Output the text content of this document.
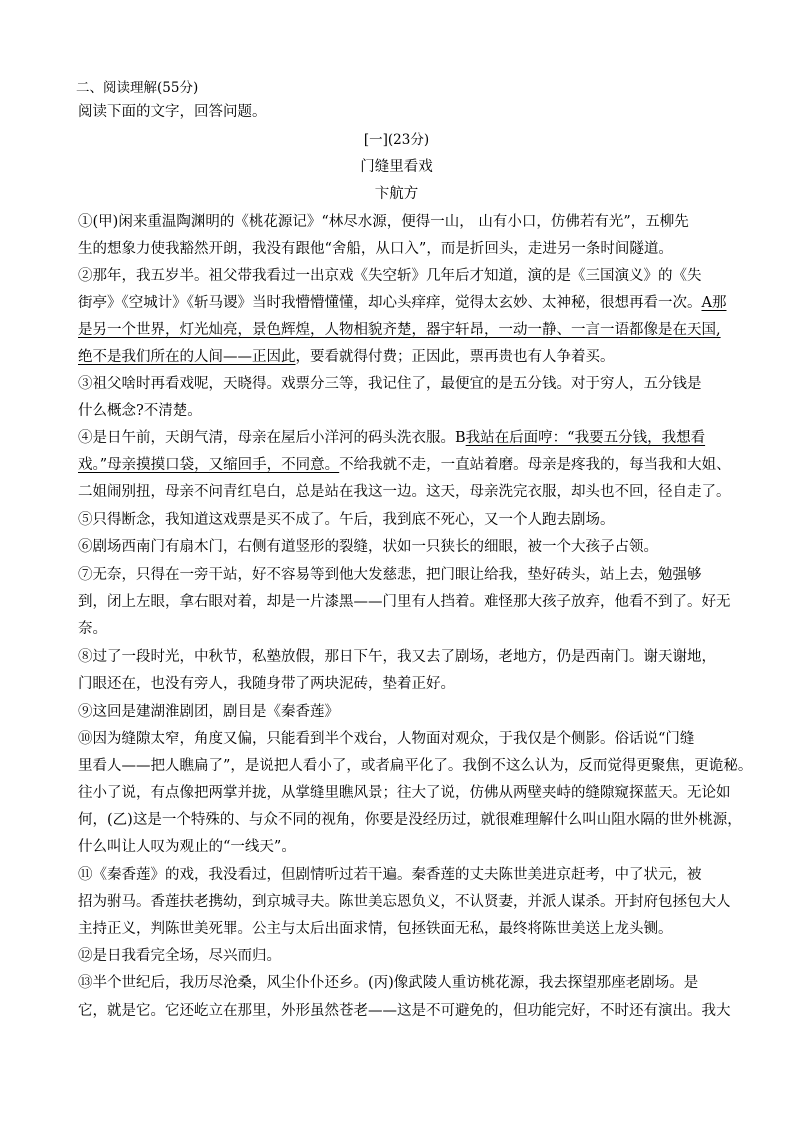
二、阅读理解(55分)
阅读下面的文字，回答问题。
[一](23分)
门缝里看戏
卞航方
①(甲)闲来重温陶渊明的《桃花源记》“林尽水源，便得一山， 山有小口，仿佛若有光”，五柳先
生的想象力使我豁然开朗，我没有跟他“舍船，从口入”，而是折回头，走进另一条时间隧道。
②那年，我五岁半。祖父带我看过一出京戏《失空斩》几年后才知道，演的是《三国演义》的《失
街亭》《空城计》《斩马谡》当时我懵懵懂懂，却心头痒痒，觉得太玄妙、太神秘，很想再看一次。A那
是另一个世界，灯光灿亮，景色辉煌，人物相貌齐楚，器宇轩昂，一动一静、一言一语都像是在天国,
绝不是我们所在的人间——正因此，要看就得付费；正因此，票再贵也有人争着买。
③祖父啥时再看戏呢，天晓得。戏票分三等，我记住了，最便宜的是五分钱。对于穷人，五分钱是
什么概念?不清楚。
④是日午前，天朗气清，母亲在屋后小洋河的码头洗衣服。B我站在后面哼：“我要五分钱，我想看
戏。”母亲摸摸口袋，又缩回手，不同意。不给我就不走，一直站着磨。母亲是疼我的，每当我和大姐、
二姐闹别扭，母亲不问青红皂白，总是站在我这一边。这天，母亲洗完衣服，却头也不回，径自走了。
⑤只得断念，我知道这戏票是买不成了。午后，我到底不死心，又一个人跑去剧场。
⑥剧场西南门有扇木门，右侧有道竖形的裂缝，状如一只狭长的细眼，被一个大孩子占领。
⑦无奈，只得在一旁干站，好不容易等到他大发慈悲，把门眼让给我，垫好砖头，站上去，勉强够
到，闭上左眼，拿右眼对着，却是一片漆黑——门里有人挡着。难怪那大孩子放弃，他看不到了。好无
奈。
⑧过了一段时光，中秋节，私塾放假，那日下午，我又去了剧场，老地方，仍是西南门。谢天谢地，
门眼还在，也没有旁人，我随身带了两块泥砖，垫着正好。
⑨这回是建湖淮剧团，剧目是《秦香莲》
⑩因为缝隙太窄，角度又偏，只能看到半个戏台，人物面对观众，于我仅是个侧影。俗话说“门缝
里看人——把人瞧扁了”，是说把人看小了，或者扁平化了。我倒不这么认为，反而觉得更聚焦，更诡秘。
往小了说，有点像把两掌并拢，从掌缝里瞧风景；往大了说，仿佛从两壁夹峙的缝隙窥探蓝天。无论如
何，(乙)这是一个特殊的、与众不同的视角，你要是没经历过，就很难理解什么叫山阻水隔的世外桃源，
什么叫让人叹为观止的“一线天”。
⑪《秦香莲》的戏，我没看过，但剧情听过若干遍。秦香莲的丈夫陈世美进京赶考，中了状元，被
招为驸马。香莲扶老携幼，到京城寻夫。陈世美忘恩负义，不认贤妻，并派人谋杀。开封府包拯包大人
主持正义，判陈世美死罪。公主与太后出面求情，包拯铁面无私，最终将陈世美送上龙头铡。
⑫是日我看完全场，尽兴而归。
⑬半个世纪后，我历尽沧桑，风尘仆仆还乡。(丙)像武陵人重访桃花源，我去探望那座老剧场。是
它，就是它。它还屹立在那里，外形虽然苍老——这是不可避免的，但功能完好，不时还有演出。我大
